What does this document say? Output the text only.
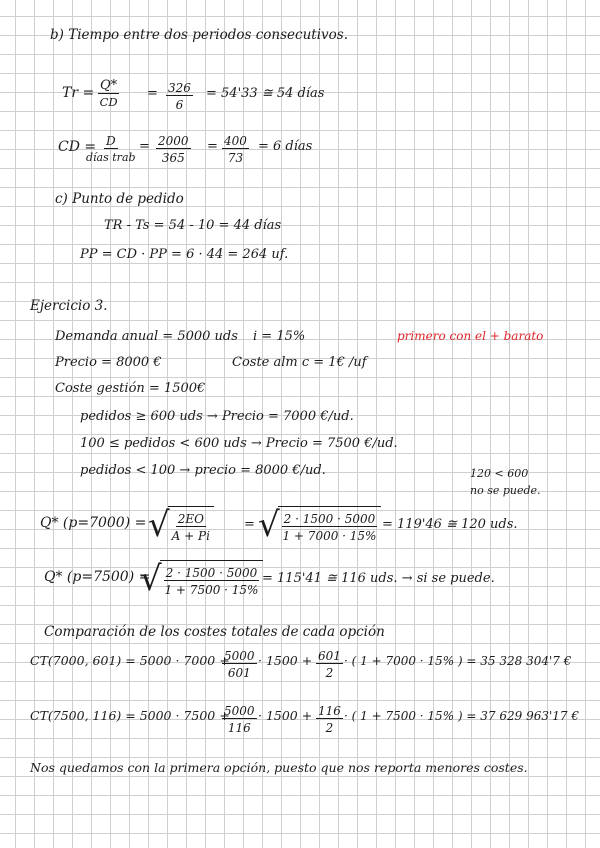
b) Tiempo entre dos periodos consecutivos.
$Tr = \frac{Q*}{CD} = \frac{326}{6} = 54'33$ ≅ 54 días
CD = D
días trab
= $\frac{2000}{365} = \frac{400}{73} = 6$ días
c) Punto de pedido
TR - Ts = 54 - 10 = 44 días
PP = CD · PP = 6 · 44 = 264 uf.
Ejercicio 3.
Demanda anual = 5000 uds i = 15%	primero con el + barato
Precio = 8000 €	Coste alm c = 1€ /uf
Coste gestión = 1500€
pedidos ≥ 600 uds → Precio = 7000 €/ud.
100 ≤ pedidos < 600 uds → Precio = 7500 €/ud.
pedidos < 100 → precio = 8000 €/ud.	120 < 600
no se puede.
Q* (p=7000) = √ $\frac{2EO}{A + Pi}$	= √ $\frac{2 \cdot 1500 \cdot 5000}{1 + 7000 \cdot 15\%} = 119'46$ ≅ 120 uds.
Q* (p=7500) =
√ $\frac{2 \cdot 1500 \cdot 5000}{1 + 7500 \cdot 15\%} = 115'41$ ≅ 116 uds. → si se puede.
Comparación de los costes totales de cada opción
CT(7000, 601) = 5000 · 7000 +
$\frac{5000}{601} \cdot 1500 + \frac{601}{2}$ · ( 1 + 7000 · 15% ) = 35 328 304'7 €
CT(7500, 116) = 5000 · 7500 +
$\frac{5000}{116} \cdot 1500 + \frac{116}{2}$ · ( 1 + 7500 · 15% ) = 37 629 963'17 €
Nos quedamos con la primera opción, puesto que nos reporta menores costes.
